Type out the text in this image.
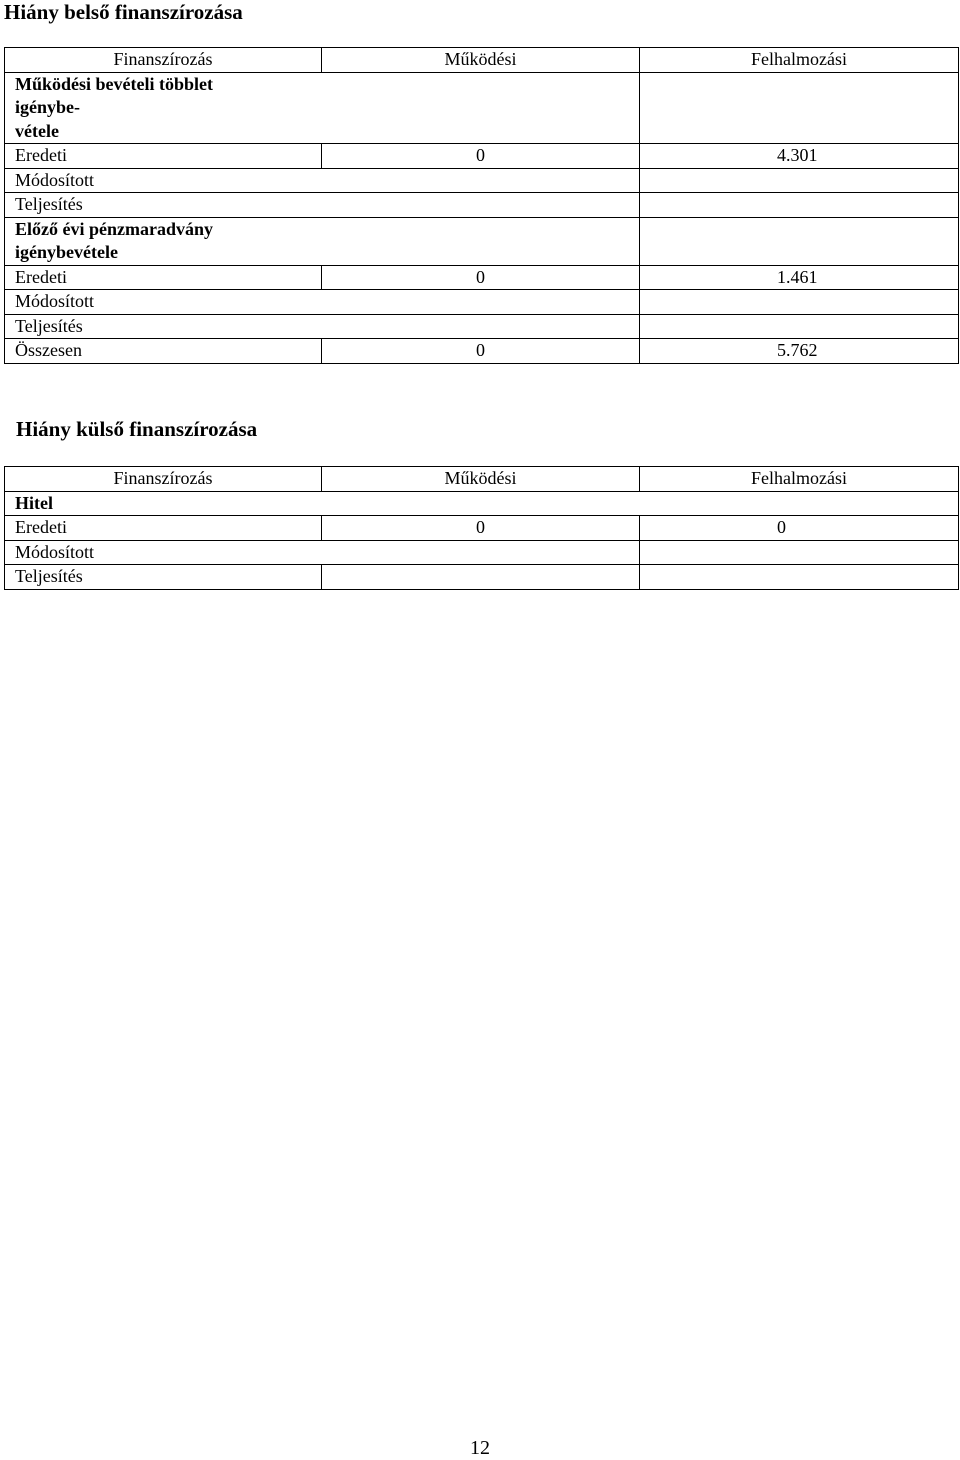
Hiány belső finanszírozása
Finanszírozás	Működési	Felhalmozási
Működési bevételi többlet
igénybe-
vétele		
Eredeti	0	4.301
Módosított		
Teljesítés		
Előző évi pénzmaradvány
igénybevétele		
Eredeti	0	1.461
Módosított		
Teljesítés		
Összesen	0	5.762
Hiány külső finanszírozása
Finanszírozás	Működési	Felhalmozási
Hitel		
Eredeti	0	0
Módosított		
Teljesítés		
12
